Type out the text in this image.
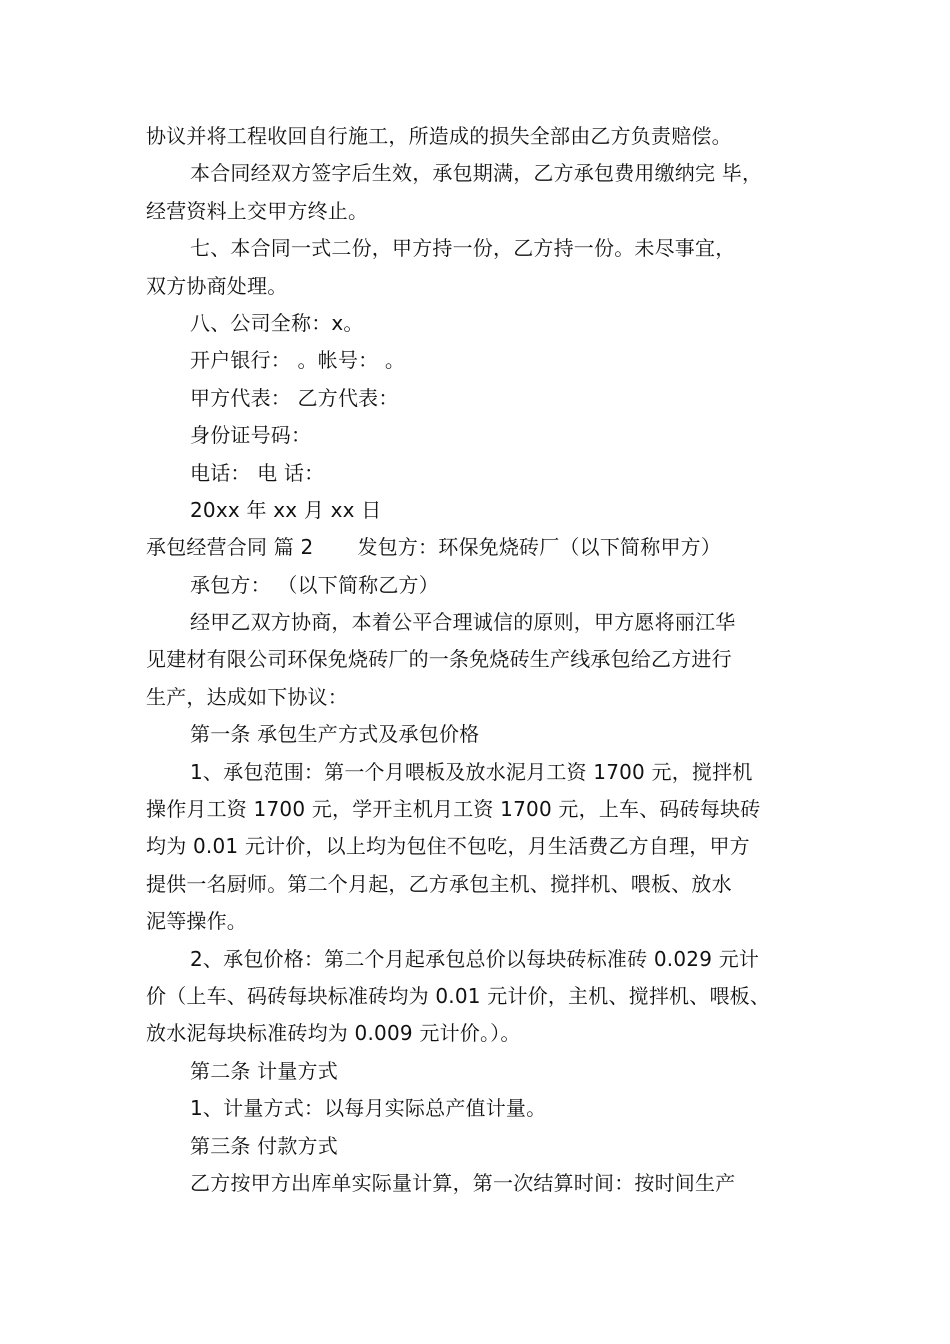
协议并将工程收回自行施工，所造成的损失全部由乙方负责赔偿。
本合同经双方签字后生效，承包期满，乙方承包费用缴纳完 毕，
经营资料上交甲方终止。
七、本合同一式二份，甲方持一份，乙方持一份。未尽事宜，
双方协商处理。
八、公司全称：x。
开户银行： 。帐号： 。
甲方代表： 乙方代表：
身份证号码：
电话： 电 话：
20xx 年 xx 月 xx 日
承包经营合同 篇 2 发包方：环保免烧砖厂（以下简称甲方）
承包方： （以下简称乙方）
经甲乙双方协商，本着公平合理诚信的原则，甲方愿将丽江华
见建材有限公司环保免烧砖厂的一条免烧砖生产线承包给乙方进行
生产，达成如下协议：
第一条 承包生产方式及承包价格
1、承包范围：第一个月喂板及放水泥月工资 1700 元，搅拌机
操作月工资 1700 元，学开主机月工资 1700 元，上车、码砖每块砖
均为 0.01 元计价，以上均为包住不包吃，月生活费乙方自理，甲方
提供一名厨师。第二个月起，乙方承包主机、搅拌机、喂板、放水
泥等操作。
2、承包价格：第二个月起承包总价以每块砖标准砖 0.029 元计
价（上车、码砖每块标准砖均为 0.01 元计价，主机、搅拌机、喂板、
放水泥每块标准砖均为 0.009 元计价。）。
第二条 计量方式
1、计量方式：以每月实际总产值计量。
第三条 付款方式
乙方按甲方出库单实际量计算，第一次结算时间：按时间生产
